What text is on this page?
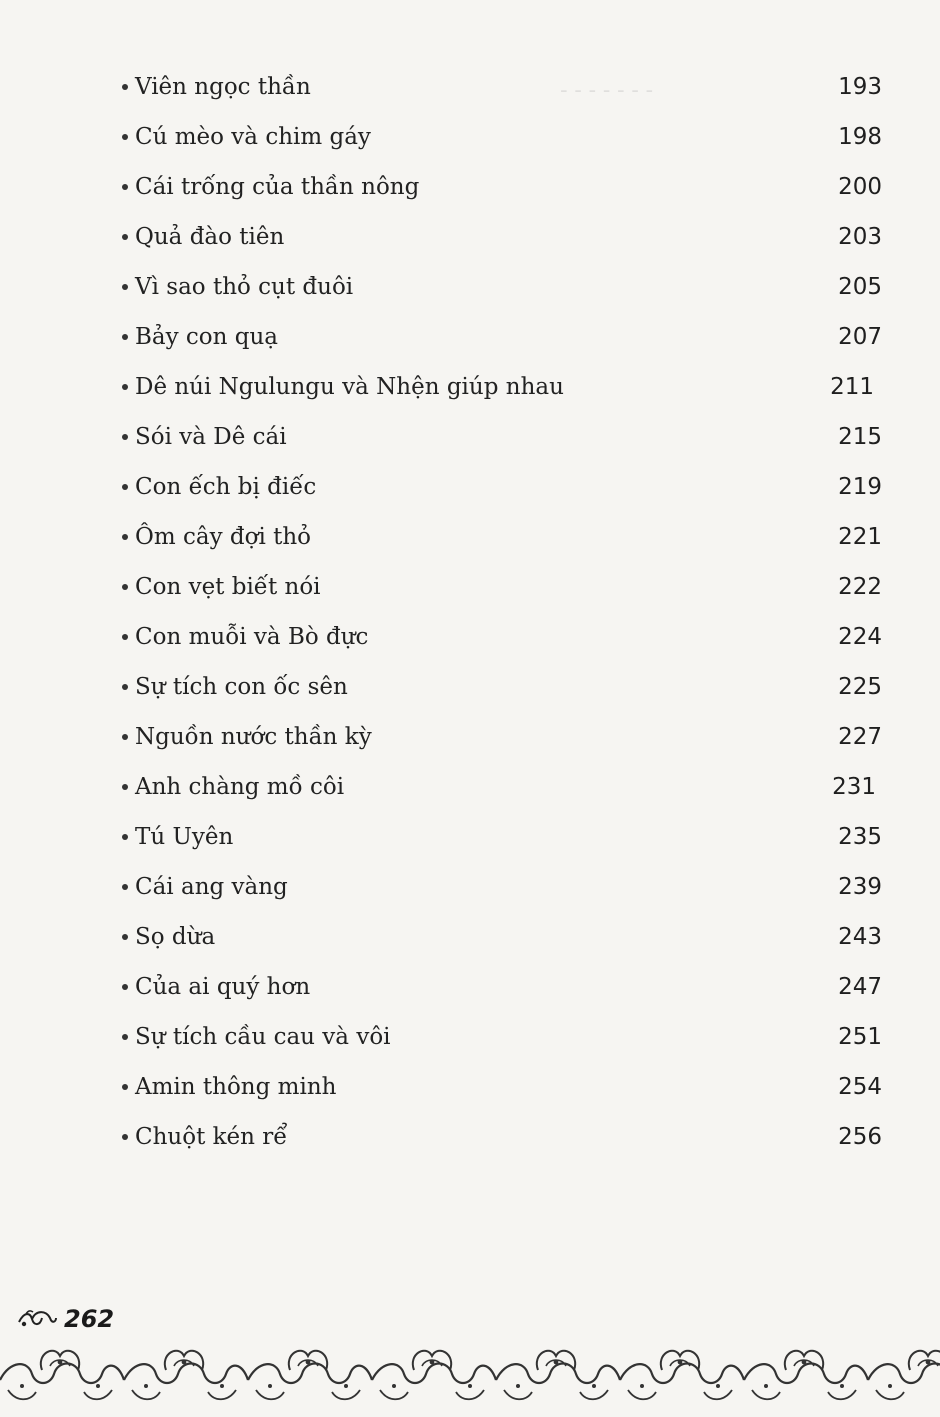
- - - - - - -
Viên ngọc thần	193
Cú mèo và chim gáy	198
Cái trống của thần nông	200
Quả đào tiên	203
Vì sao thỏ cụt đuôi	205
Bảy con quạ	207
Dê núi Ngulungu và Nhện giúp nhau	211
Sói và Dê cái	215
Con ếch bị điếc	219
Ôm cây đợi thỏ	221
Con vẹt biết nói	222
Con muỗi và Bò đực	224
Sự tích con ốc sên	225
Nguồn nước thần kỳ	227
Anh chàng mồ côi	231
Tú Uyên	235
Cái ang vàng	239
Sọ dừa	243
Của ai quý hơn	247
Sự tích cầu cau và vôi	251
Amin thông minh	254
Chuột kén rể	256
262
